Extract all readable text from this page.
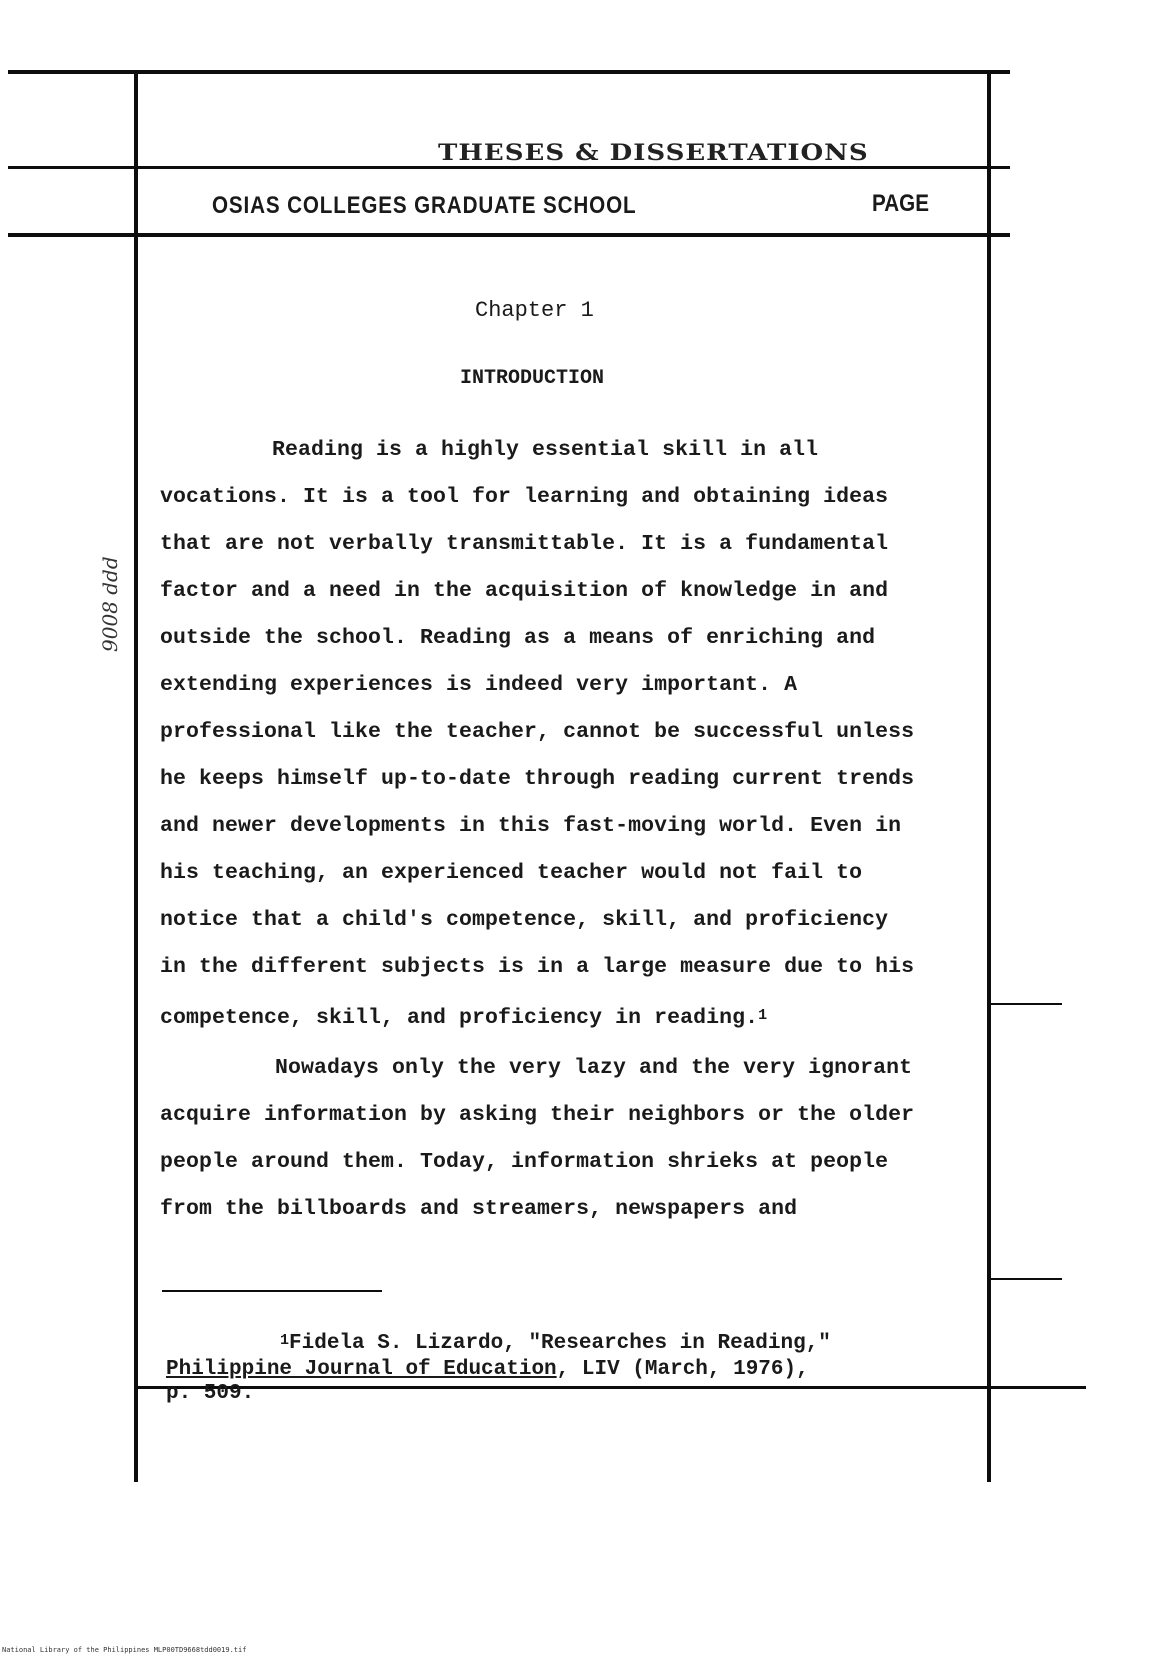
THESES & DISSERTATIONS
OSIAS COLLEGES GRADUATE SCHOOL	PAGE
Chapter 1
INTRODUCTION
Reading is a highly essential skill in all
vocations. It is a tool for learning and obtaining ideas
that are not verbally transmittable. It is a fundamental
factor and a need in the acquisition of knowledge in and
outside the school. Reading as a means of enriching and
extending experiences is indeed very important. A
professional like the teacher, cannot be successful unless
he keeps himself up-to-date through reading current trends
and newer developments in this fast-moving world. Even in
his teaching, an experienced teacher would not fail to
notice that a child's competence, skill, and proficiency
in the different subjects is in a large measure due to his
competence, skill, and proficiency in reading.$^1$
Nowadays only the very lazy and the very ignorant
acquire information by asking their neighbors or the older
people around them. Today, information shrieks at people
from the billboards and streamers, newspapers and
$^1$Fidela S. Lizardo, "Researches in Reading,"
Philippine Journal of Education, LIV (March, 1976),
p. 509.
9008 ddd
National Library of the Philippines MLP00TD9668tdd0019.tif
